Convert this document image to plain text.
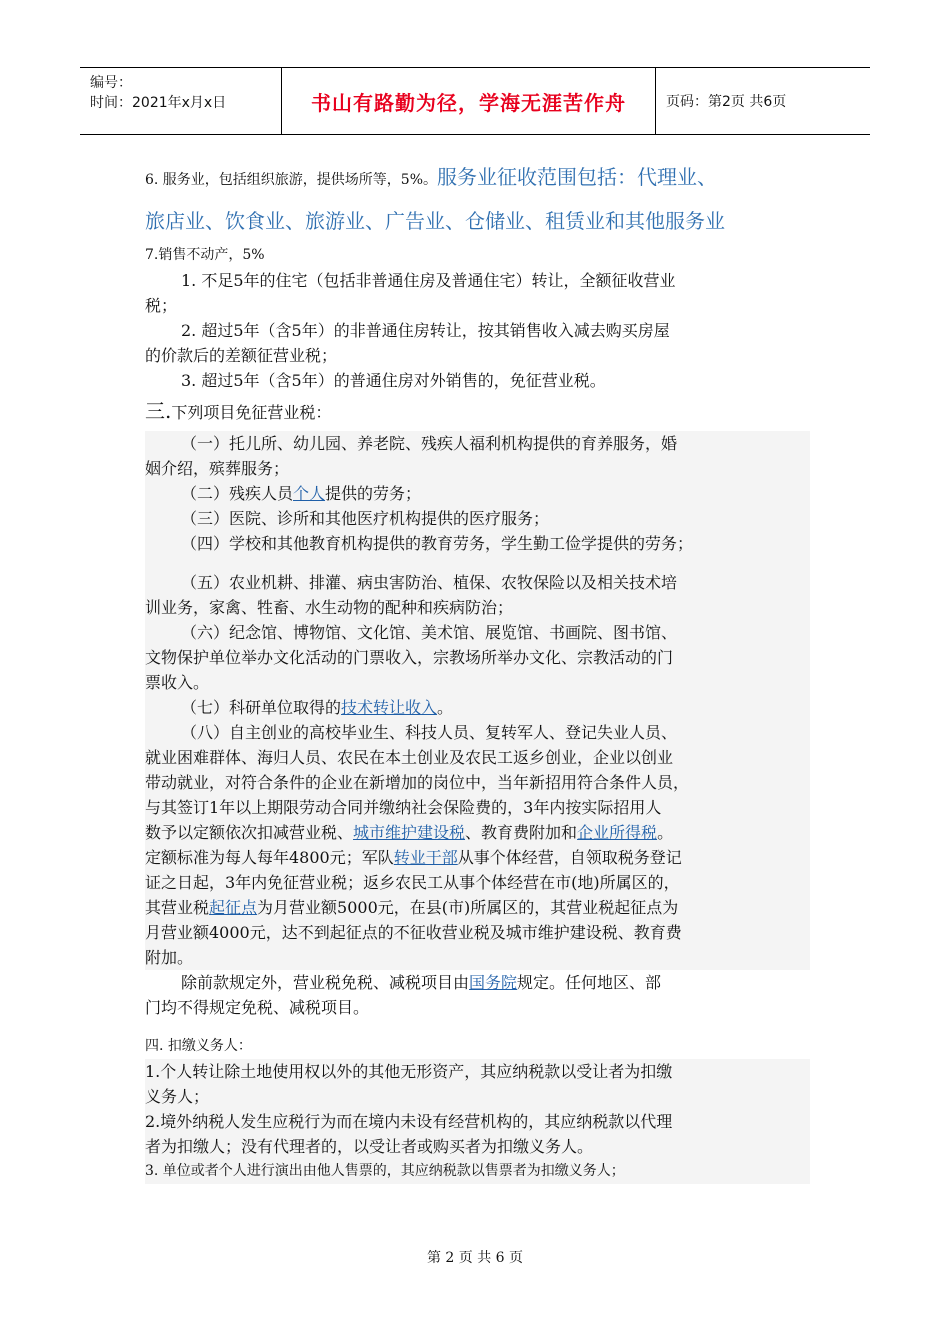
编号：
时间：2021年x月x日	书山有路勤为径，学海无涯苦作舟	页码：第2页 共6页

6. 服务业，包括组织旅游，提供场所等，5%。服务业征收范围包括：代理业、

旅店业、饮食业、旅游业、广告业、仓储业、租赁业和其他服务业

7.销售不动产，5%

1. 不足5年的住宅（包括非普通住房及普通住宅）转让，全额征收营业

税；

2. 超过5年（含5年）的非普通住房转让，按其销售收入减去购买房屋

的价款后的差额征营业税；

3. 超过5年（含5年）的普通住房对外销售的，免征营业税。

三.下列项目免征营业税：

（一）托儿所、幼儿园、养老院、残疾人福利机构提供的育养服务，婚

姻介绍，殡葬服务；

（二）残疾人员个人提供的劳务；

（三）医院、诊所和其他医疗机构提供的医疗服务；

（四）学校和其他教育机构提供的教育劳务，学生勤工俭学提供的劳务；

（五）农业机耕、排灌、病虫害防治、植保、农牧保险以及相关技术培

训业务，家禽、牲畜、水生动物的配种和疾病防治；

（六）纪念馆、博物馆、文化馆、美术馆、展览馆、书画院、图书馆、

文物保护单位举办文化活动的门票收入，宗教场所举办文化、宗教活动的门

票收入。

（七）科研单位取得的技术转让收入。

（八）自主创业的高校毕业生、科技人员、复转军人、登记失业人员、

就业困难群体、海归人员、农民在本土创业及农民工返乡创业，企业以创业

带动就业，对符合条件的企业在新增加的岗位中，当年新招用符合条件人员，

与其签订1年以上期限劳动合同并缴纳社会保险费的，3年内按实际招用人

数予以定额依次扣减营业税、城市维护建设税、教育费附加和企业所得税。

定额标准为每人每年4800元；军队转业干部从事个体经营，自领取税务登记

证之日起，3年内免征营业税；返乡农民工从事个体经营在市(地)所属区的，

其营业税起征点为月营业额5000元，在县(市)所属区的，其营业税起征点为

月营业额4000元，达不到起征点的不征收营业税及城市维护建设税、教育费

附加。

除前款规定外，营业税免税、减税项目由国务院规定。任何地区、部

门均不得规定免税、减税项目。

四. 扣缴义务人：

1.个人转让除土地使用权以外的其他无形资产，其应纳税款以受让者为扣缴

义务人；

2.境外纳税人发生应税行为而在境内未设有经营机构的，其应纳税款以代理

者为扣缴人；没有代理者的，以受让者或购买者为扣缴义务人。

3. 单位或者个人进行演出由他人售票的，其应纳税款以售票者为扣缴义务人；

第 2 页 共 6 页
